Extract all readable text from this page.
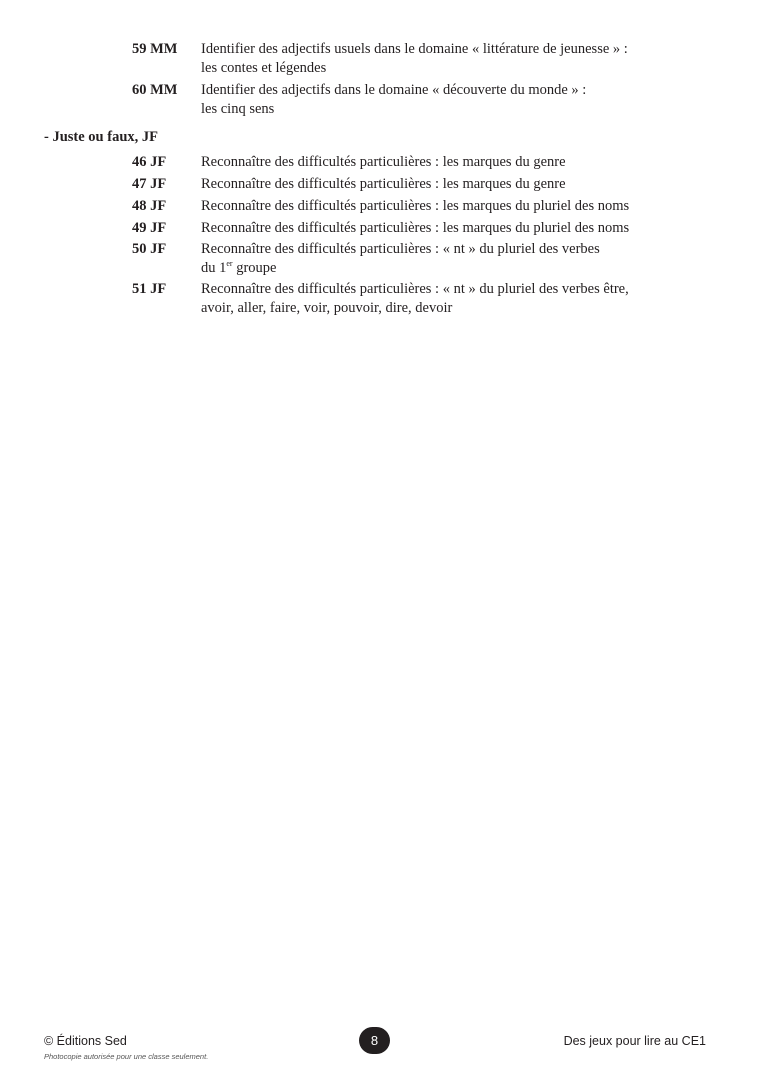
59 MM Identifier des adjectifs usuels dans le domaine « littérature de jeunesse » :
les contes et légendes
60 MM Identifier des adjectifs dans le domaine « découverte du monde » :
les cinq sens
- Juste ou faux, JF
46 JF Reconnaître des difficultés particulières : les marques du genre
47 JF Reconnaître des difficultés particulières : les marques du genre
48 JF Reconnaître des difficultés particulières : les marques du pluriel des noms
49 JF Reconnaître des difficultés particulières : les marques du pluriel des noms
50 JF Reconnaître des difficultés particulières : « nt » du pluriel des verbes
du 1er groupe
51 JF Reconnaître des difficultés particulières : « nt » du pluriel des verbes être,
avoir, aller, faire, voir, pouvoir, dire, devoir
© Éditions Sed
Photocopie autorisée pour une classe seulement.
8	Des jeux pour lire au CE1
